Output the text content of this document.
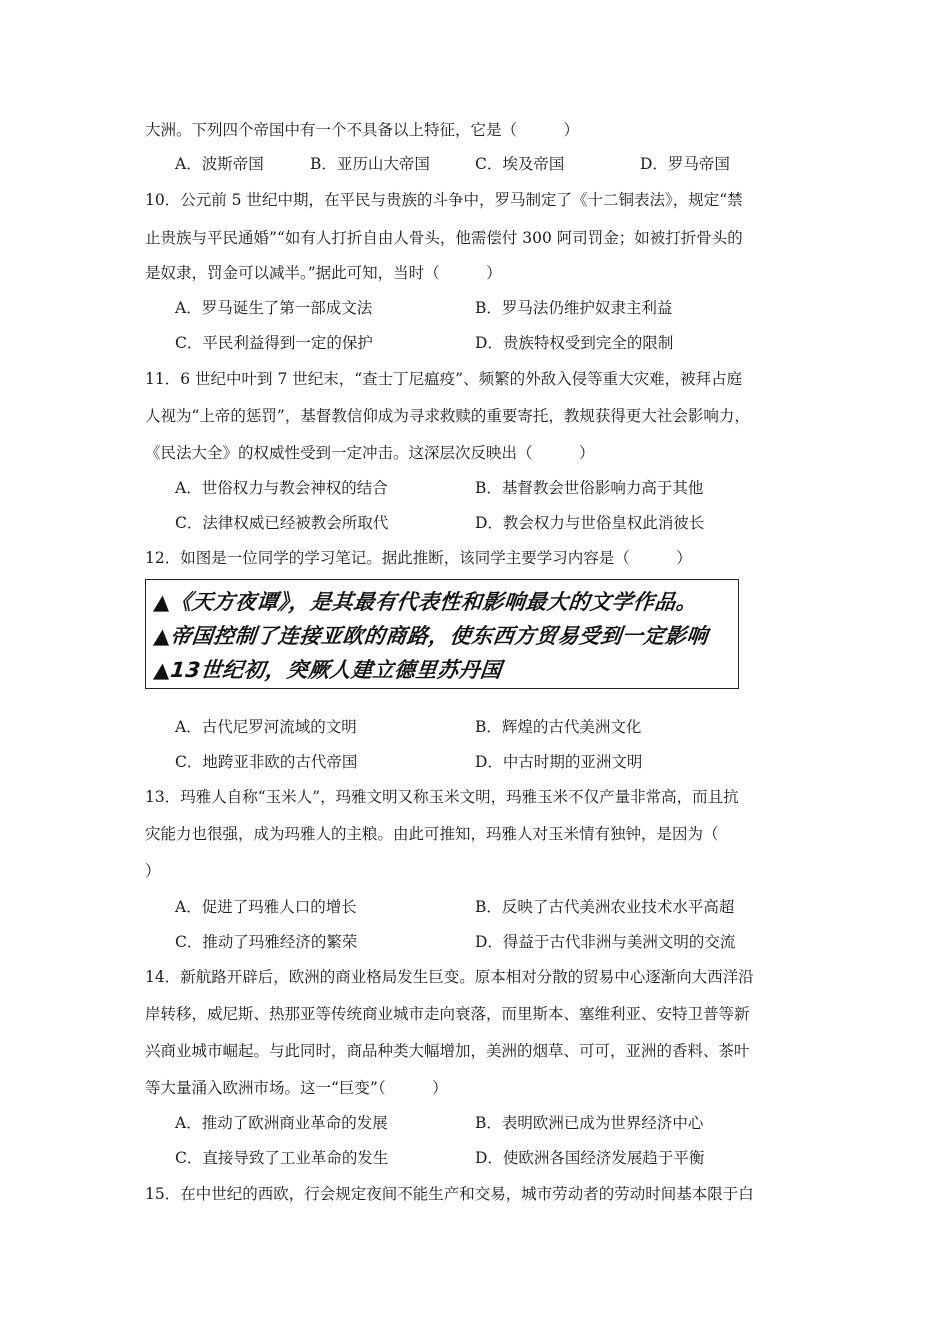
大洲。下列四个帝国中有一个不具备以上特征，它是（　　　）
A．波斯帝国	B．亚历山大帝国	C．埃及帝国	D．罗马帝国
10．公元前 5 世纪中期，在平民与贵族的斗争中，罗马制定了《十二铜表法》，规定“禁
止贵族与平民通婚”“如有人打折自由人骨头，他需偿付 300 阿司罚金；如被打折骨头的
是奴隶，罚金可以减半。”据此可知，当时（　　　）
A．罗马诞生了第一部成文法	B．罗马法仍维护奴隶主利益
C．平民利益得到一定的保护	D．贵族特权受到完全的限制
11．6 世纪中叶到 7 世纪末，“查士丁尼瘟疫”、频繁的外敌入侵等重大灾难，被拜占庭
人视为“上帝的惩罚”，基督教信仰成为寻求救赎的重要寄托，教规获得更大社会影响力，
《民法大全》的权威性受到一定冲击。这深层次反映出（　　　）
A．世俗权力与教会神权的结合	B．基督教会世俗影响力高于其他
C．法律权威已经被教会所取代	D．教会权力与世俗皇权此消彼长
12．如图是一位同学的学习笔记。据此推断，该同学主要学习内容是（　　　）
▲《天方夜谭》，是其最有代表性和影响最大的文学作品。
▲帝国控制了连接亚欧的商路，使东西方贸易受到一定影响
▲13世纪初，突厥人建立德里苏丹国
A．古代尼罗河流域的文明	B．辉煌的古代美洲文化
C．地跨亚非欧的古代帝国	D．中古时期的亚洲文明
13．玛雅人自称“玉米人”，玛雅文明又称玉米文明，玛雅玉米不仅产量非常高，而且抗
灾能力也很强，成为玛雅人的主粮。由此可推知，玛雅人对玉米情有独钟，是因为（
）
A．促进了玛雅人口的增长	B．反映了古代美洲农业技术水平高超
C．推动了玛雅经济的繁荣	D．得益于古代非洲与美洲文明的交流
14．新航路开辟后，欧洲的商业格局发生巨变。原本相对分散的贸易中心逐渐向大西洋沿
岸转移，威尼斯、热那亚等传统商业城市走向衰落，而里斯本、塞维利亚、安特卫普等新
兴商业城市崛起。与此同时，商品种类大幅增加，美洲的烟草、可可，亚洲的香料、茶叶
等大量涌入欧洲市场。这一“巨变”（　　　）
A．推动了欧洲商业革命的发展	B．表明欧洲已成为世界经济中心
C．直接导致了工业革命的发生	D．使欧洲各国经济发展趋于平衡
15．在中世纪的西欧，行会规定夜间不能生产和交易，城市劳动者的劳动时间基本限于白
